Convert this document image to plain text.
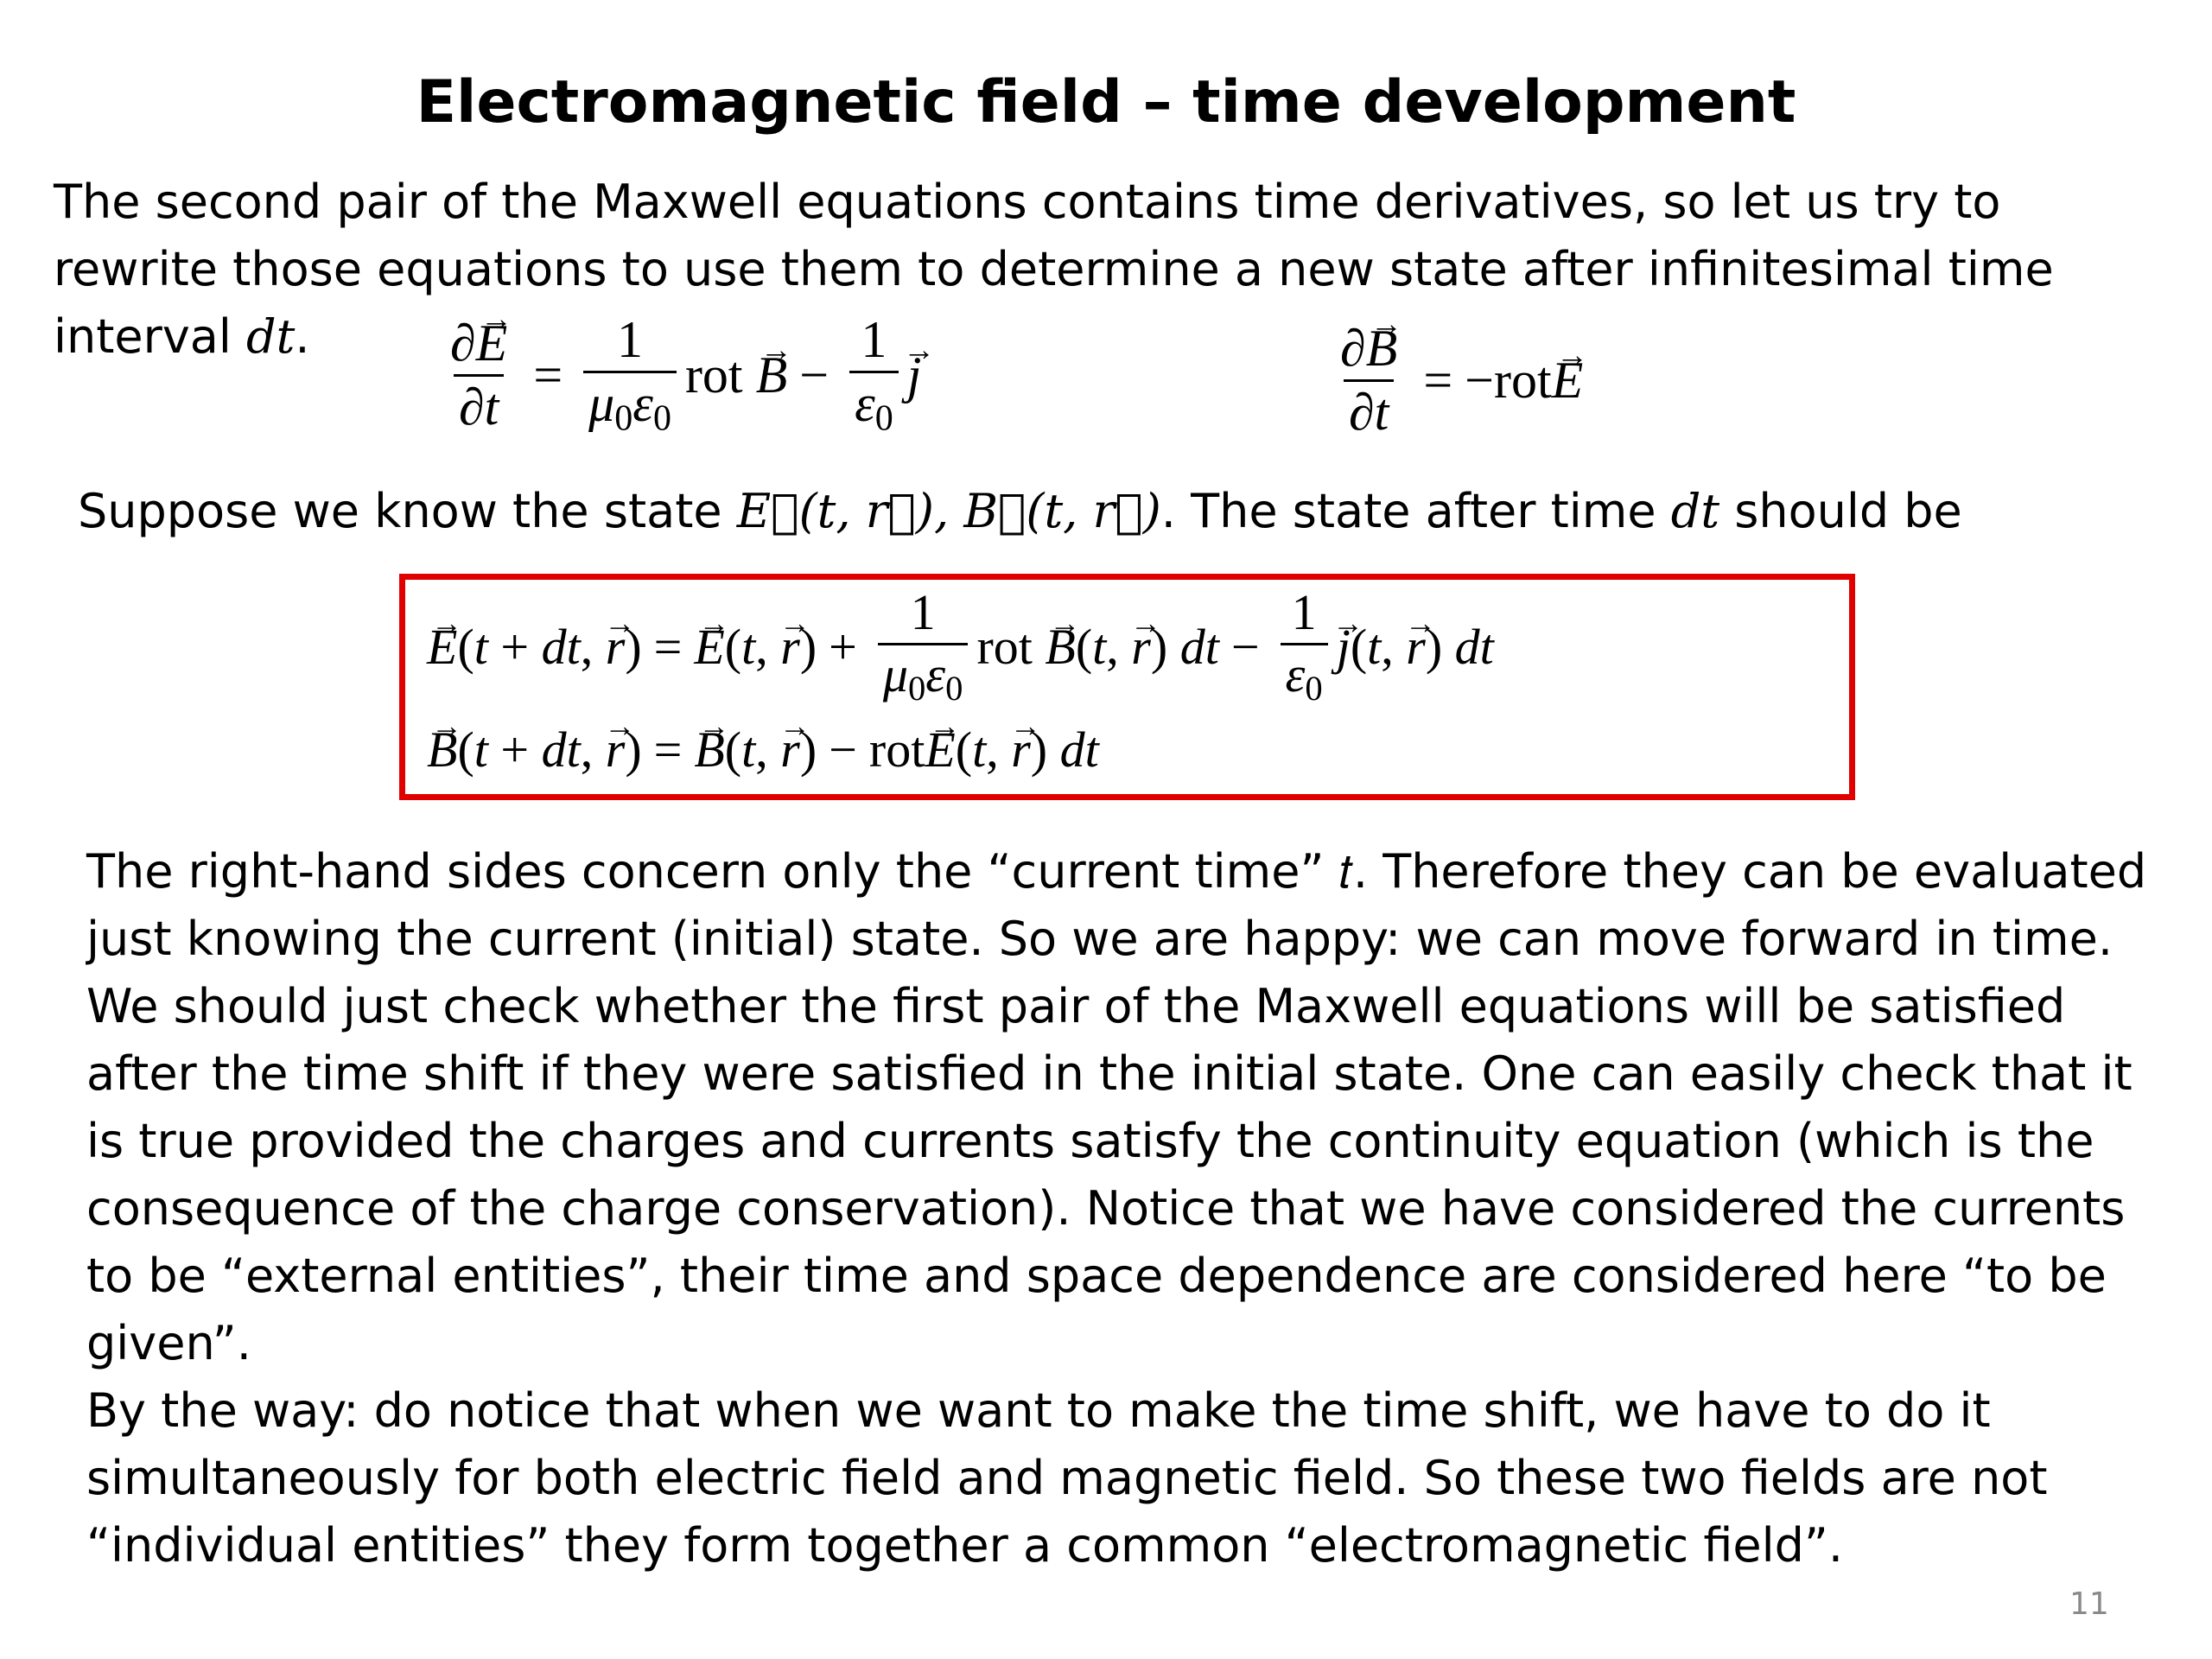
Electromagnetic field – time development
The second pair of the Maxwell equations contains time derivatives, so let us try to
rewrite those equations to use them to determine a new state after infinitesimal time
interval dt.	$\frac{\partial\to E}{\partial t} = \frac{1}{\mu_0\varepsilon_0}$ rot → $B - \frac{1}{\varepsilon_0}$
→ j	$\frac{\partial\to B}{\partial t} = -rot\to E$
Suppose we know the state E⃗(t, r⃗), B⃗(t, r⃗). The state after time dt should be
→ E(t + dt, → r) =
→ E(t, → $r) + \frac{1}{\mu_0\varepsilon_0}$ rot → B(t, → r) dt − $\frac{1}{\varepsilon_0}$
→ j(t, → r) dt
→ B(t + dt, → r) =
→ B(t, → r) − rot→ E(t, → r) dt
The right-hand sides concern only the “current time” 𝑡. Therefore they can be evaluated
just knowing the current (initial) state. So we are happy: we can move forward in time.
We should just check whether the first pair of the Maxwell equations will be satisfied
after the time shift if they were satisfied in the initial state. One can easily check that it
is true provided the charges and currents satisfy the continuity equation (which is the
consequence of the charge conservation). Notice that we have considered the currents
to be “external entities”, their time and space dependence are considered here “to be
given”.
By the way: do notice that when we want to make the time shift, we have to do it
simultaneously for both electric field and magnetic field. So these two fields are not
“individual entities” they form together a common “electromagnetic field”.
11
